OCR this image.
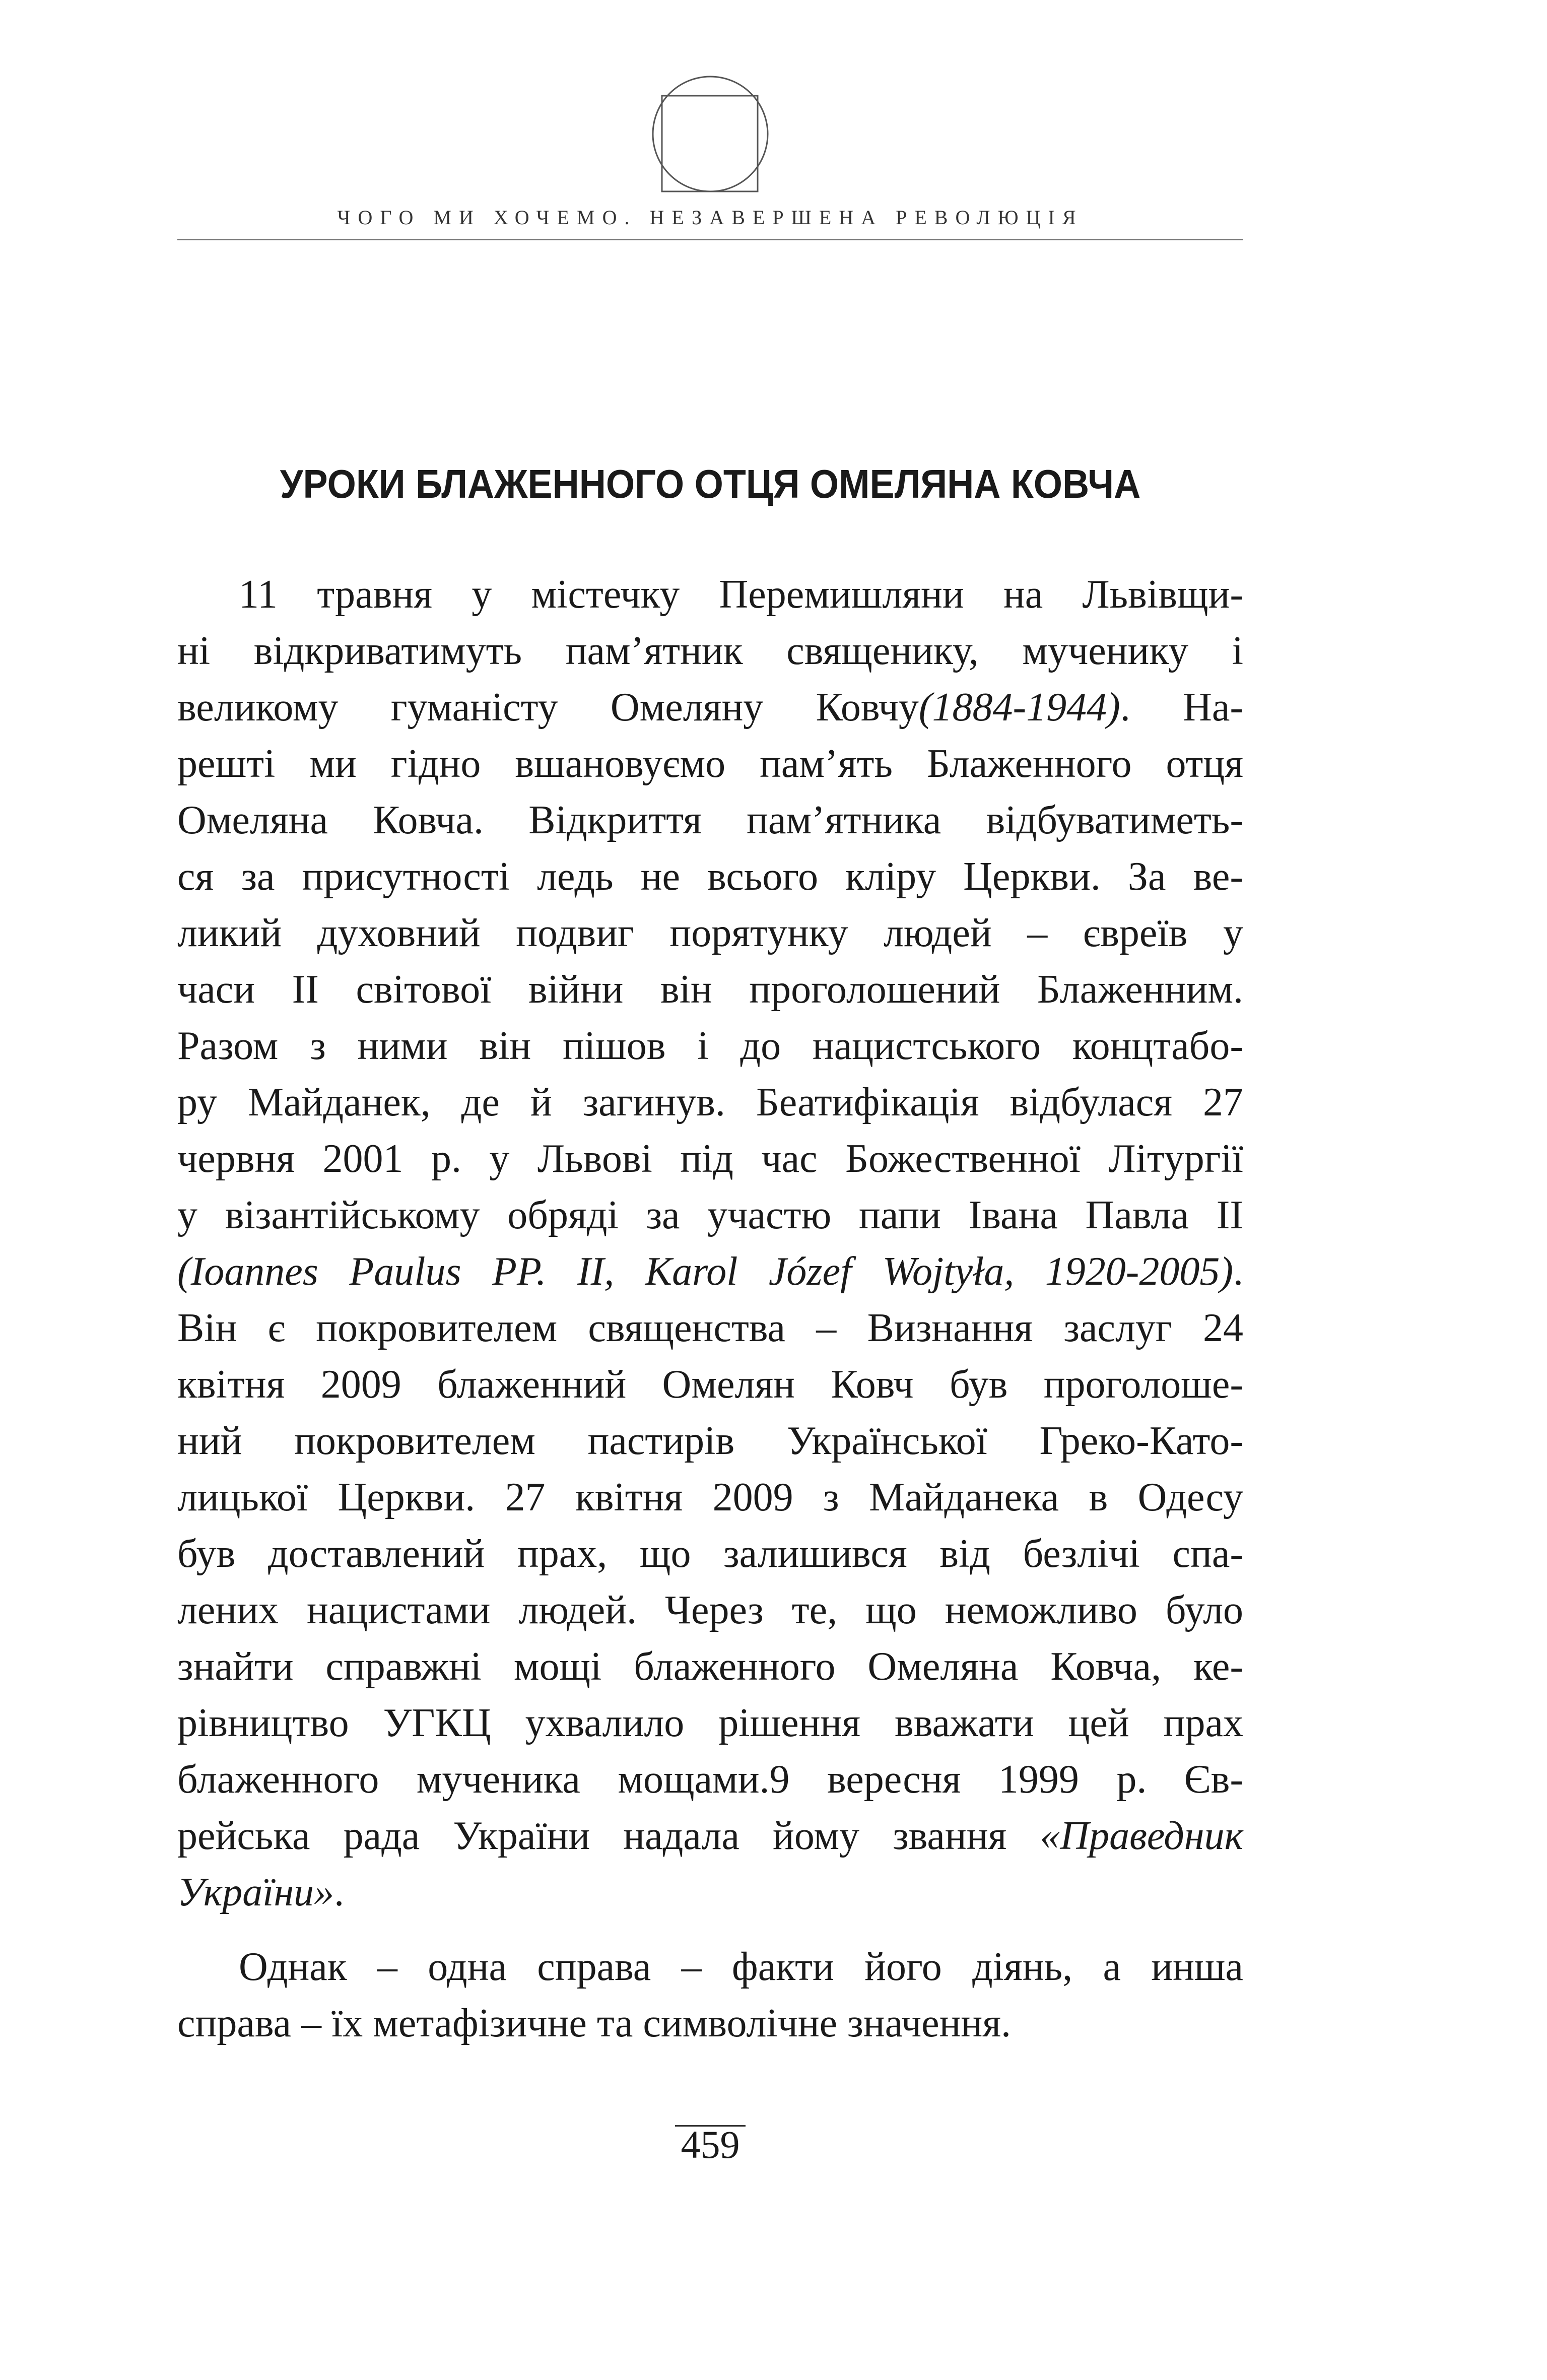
ЧОГО МИ ХОЧЕМО. НЕЗАВЕРШЕНА РЕВОЛЮЦІЯ
УРОКИ БЛАЖЕННОГО ОТЦЯ ОМЕЛЯНА КОВЧА
11 травня у містечку Перемишляни на Львівщи-
ні відкриватимуть пам’ятник священику, мученику і
великому гуманісту Омеляну Ковчу(1884-1944). На-
решті ми гідно вшановуємо пам’ять Блаженного отця
Омеляна Ковча. Відкриття пам’ятника відбуватиметь-
ся за присутності ледь не всього кліру Церкви. За ве-
ликий духовний подвиг порятунку людей – євреїв у
часи ІІ світової війни він проголошений Блаженним.
Разом з ними він пішов і до нацистського концтабо-
ру Майданек, де й загинув. Беатифікація відбулася 27
червня 2001 р. у Львові під час Божественної Літургії
у візантійському обряді за участю папи Івана Павла ІІ
(Ioannes Paulus PP. II, Karol Józef Wojtyła, 1920-2005).
Він є покровителем священства – Визнання заслуг 24
квітня 2009 блаженний Омелян Ковч був проголоше-
ний покровителем пастирів Української Греко-Като-
лицької Церкви. 27 квітня 2009 з Майданека в Одесу
був доставлений прах, що залишився від безлічі спа-
лених нацистами людей. Через те, що неможливо було
знайти справжні мощі блаженного Омеляна Ковча, ке-
рівництво УГКЦ ухвалило рішення вважати цей прах
блаженного мученика мощами.9 вересня 1999 р. Єв-
рейська рада України надала йому звання «Праведник
України».
Однак – одна справа – факти його діянь, а инша
справа – їх метафізичне та символічне значення.
459
